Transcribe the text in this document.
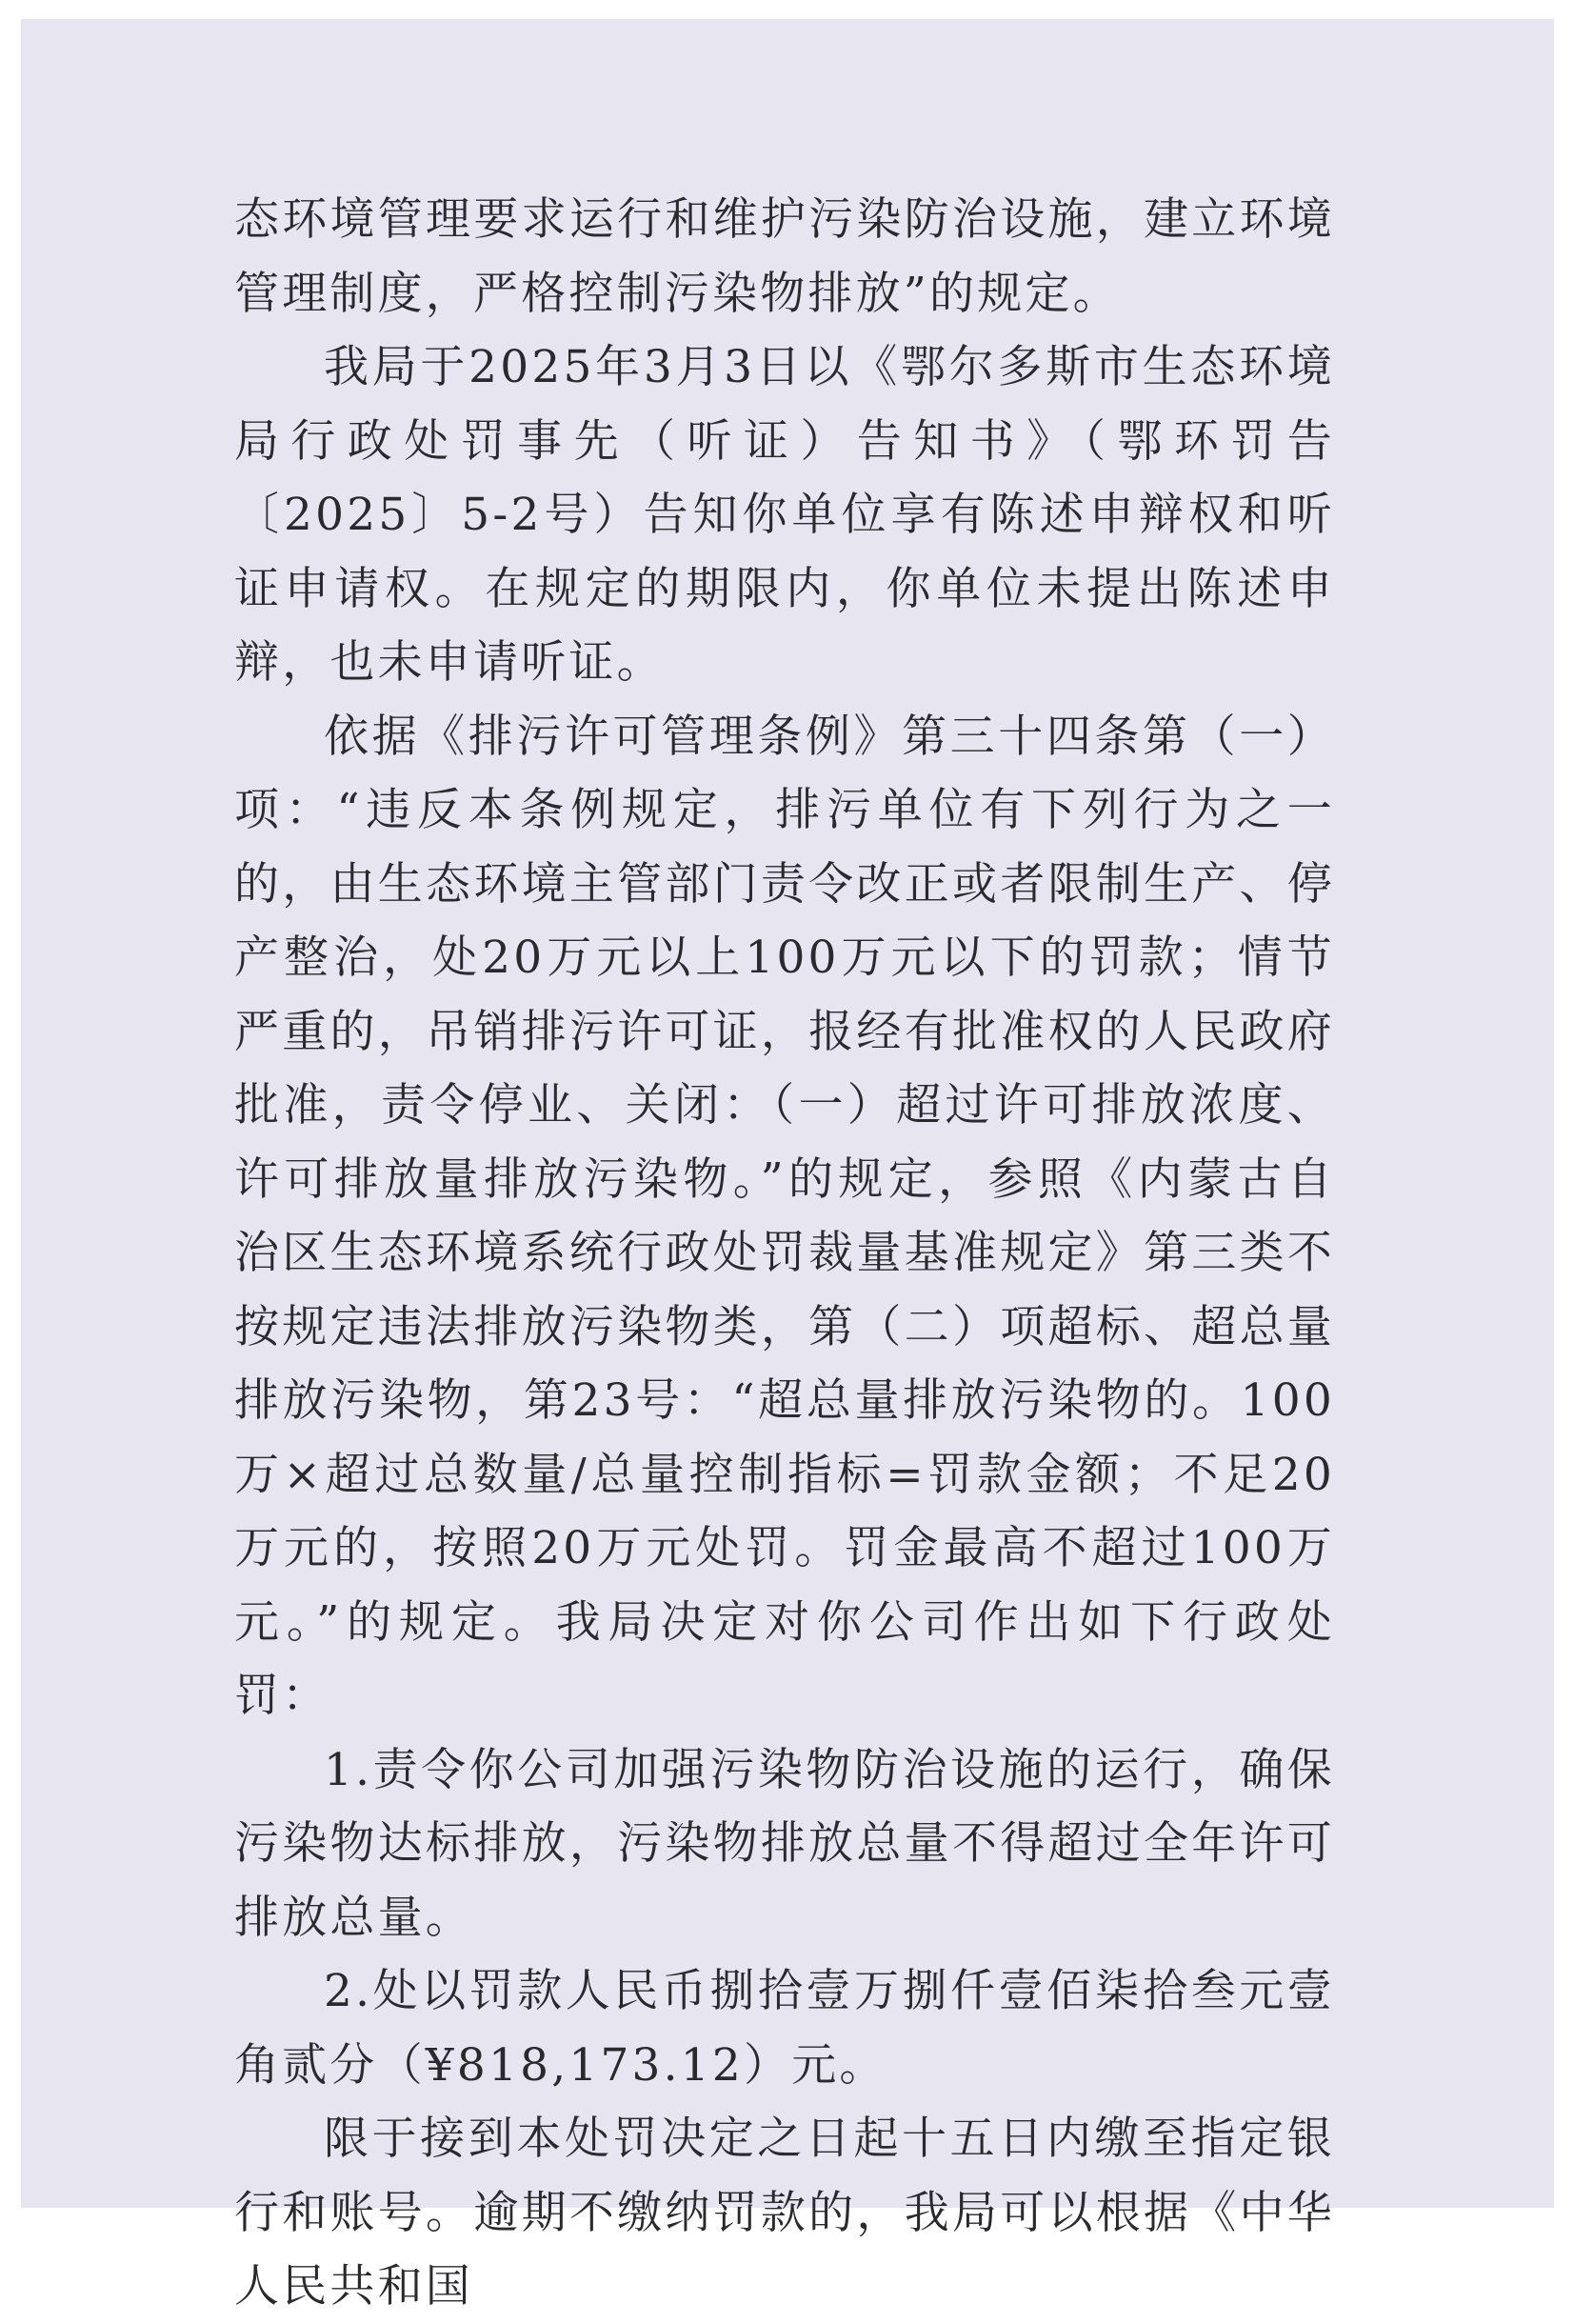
态环境管理要求运行和维护污染防治设施，建立环境管理制度，严格控制污染物排放”的规定。

我局于2025年3月3日以《鄂尔多斯市生态环境局行政处罚事先（听证）告知书》（鄂环罚告〔2025〕5-2号）告知你单位享有陈述申辩权和听证申请权。在规定的期限内，你单位未提出陈述申辩，也未申请听证。

依据《排污许可管理条例》第三十四条第（一）项：“违反本条例规定，排污单位有下列行为之一的，由生态环境主管部门责令改正或者限制生产、停产整治，处20万元以上100万元以下的罚款；情节严重的，吊销排污许可证，报经有批准权的人民政府批准，责令停业、关闭：（一）超过许可排放浓度、许可排放量排放污染物。”的规定，参照《内蒙古自治区生态环境系统行政处罚裁量基准规定》第三类不按规定违法排放污染物类，第（二）项超标、超总量排放污染物，第23号：“超总量排放污染物的。100万×超过总数量/总量控制指标=罚款金额；不足20万元的，按照20万元处罚。罚金最高不超过100万元。”的规定。我局决定对你公司作出如下行政处罚：

1.责令你公司加强污染物防治设施的运行，确保污染物达标排放，污染物排放总量不得超过全年许可排放总量。

2.处以罚款人民币捌拾壹万捌仟壹佰柒拾叁元壹角贰分（¥818,173.12）元。

限于接到本处罚决定之日起十五日内缴至指定银行和账号。逾期不缴纳罚款的，我局可以根据《中华人民共和国
